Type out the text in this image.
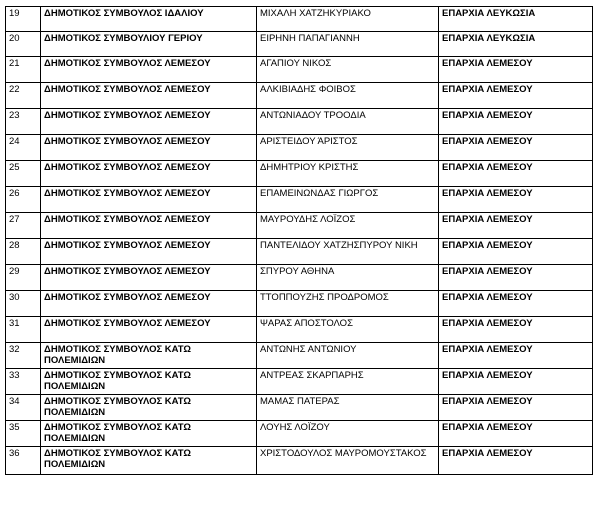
19	ΔΗΜΟΤΙΚΟΣ ΣΥΜΒΟΥΛΟΣ ΙΔΑΛΙΟΥ	ΜΙΧΑΛΗ ΧΑΤΖΗΚΥΡΙΑΚΟ	ΕΠΑΡΧΙΑ ΛΕΥΚΩΣΙΑ
20	ΔΗΜΟΤΙΚΟΣ ΣΥΜΒΟΥΛΙΟΥ ΓΕΡΙΟΥ	ΕΙΡΗΝΗ ΠΑΠΑΓΙΑΝΝΗ	ΕΠΑΡΧΙΑ ΛΕΥΚΩΣΙΑ
21	ΔΗΜΟΤΙΚΟΣ ΣΥΜΒΟΥΛΟΣ ΛΕΜΕΣΟΥ	ΑΓΑΠΙΟΥ ΝΙΚΟΣ	ΕΠΑΡΧΙΑ ΛΕΜΕΣΟΥ
22	ΔΗΜΟΤΙΚΟΣ ΣΥΜΒΟΥΛΟΣ ΛΕΜΕΣΟΥ	ΑΛΚΙΒΙΑΔΗΣ ΦΟΙΒΟΣ	ΕΠΑΡΧΙΑ ΛΕΜΕΣΟΥ
23	ΔΗΜΟΤΙΚΟΣ ΣΥΜΒΟΥΛΟΣ ΛΕΜΕΣΟΥ	ΑΝΤΩΝΙΑΔΟΥ ΤΡΟΟΔΙΑ	ΕΠΑΡΧΙΑ ΛΕΜΕΣΟΥ
24	ΔΗΜΟΤΙΚΟΣ ΣΥΜΒΟΥΛΟΣ ΛΕΜΕΣΟΥ	ΑΡΙΣΤΕΙΔΟΥ ΆΡΙΣΤΟΣ	ΕΠΑΡΧΙΑ ΛΕΜΕΣΟΥ
25	ΔΗΜΟΤΙΚΟΣ ΣΥΜΒΟΥΛΟΣ ΛΕΜΕΣΟΥ	ΔΗΜΗΤΡΙΟΥ ΚΡΙΣΤΗΣ	ΕΠΑΡΧΙΑ ΛΕΜΕΣΟΥ
26	ΔΗΜΟΤΙΚΟΣ ΣΥΜΒΟΥΛΟΣ ΛΕΜΕΣΟΥ	ΕΠΑΜΕΙΝΩΝΔΑΣ ΓΙΩΡΓΟΣ	ΕΠΑΡΧΙΑ ΛΕΜΕΣΟΥ
27	ΔΗΜΟΤΙΚΟΣ ΣΥΜΒΟΥΛΟΣ ΛΕΜΕΣΟΥ	ΜΑΥΡΟΥΔΗΣ ΛΟΪΖΟΣ	ΕΠΑΡΧΙΑ ΛΕΜΕΣΟΥ
28	ΔΗΜΟΤΙΚΟΣ ΣΥΜΒΟΥΛΟΣ ΛΕΜΕΣΟΥ	ΠΑΝΤΕΛΙΔΟΥ ΧΑΤΖΗΣΠΥΡΟΥ ΝΙΚΗ	ΕΠΑΡΧΙΑ ΛΕΜΕΣΟΥ
29	ΔΗΜΟΤΙΚΟΣ ΣΥΜΒΟΥΛΟΣ ΛΕΜΕΣΟΥ	ΣΠΥΡΟΥ ΑΘΗΝΑ	ΕΠΑΡΧΙΑ ΛΕΜΕΣΟΥ
30	ΔΗΜΟΤΙΚΟΣ ΣΥΜΒΟΥΛΟΣ ΛΕΜΕΣΟΥ	ΤΤΟΠΠΟΥΖΗΣ ΠΡΟΔΡΟΜΟΣ	ΕΠΑΡΧΙΑ ΛΕΜΕΣΟΥ
31	ΔΗΜΟΤΙΚΟΣ ΣΥΜΒΟΥΛΟΣ ΛΕΜΕΣΟΥ	ΨΑΡΑΣ ΑΠΟΣΤΟΛΟΣ	ΕΠΑΡΧΙΑ ΛΕΜΕΣΟΥ
32	ΔΗΜΟΤΙΚΟΣ ΣΥΜΒΟΥΛΟΣ ΚΑΤΩ ΠΟΛΕΜΙΔΙΩΝ	ΑΝΤΩΝΗΣ ΑΝΤΩΝΙΟΥ	ΕΠΑΡΧΙΑ ΛΕΜΕΣΟΥ
33	ΔΗΜΟΤΙΚΟΣ ΣΥΜΒΟΥΛΟΣ ΚΑΤΩ ΠΟΛΕΜΙΔΙΩΝ	ΑΝΤΡΕΑΣ ΣΚΑΡΠΑΡΗΣ	ΕΠΑΡΧΙΑ ΛΕΜΕΣΟΥ
34	ΔΗΜΟΤΙΚΟΣ ΣΥΜΒΟΥΛΟΣ ΚΑΤΩ ΠΟΛΕΜΙΔΙΩΝ	ΜΑΜΑΣ ΠΑΤΕΡΑΣ	ΕΠΑΡΧΙΑ ΛΕΜΕΣΟΥ
35	ΔΗΜΟΤΙΚΟΣ ΣΥΜΒΟΥΛΟΣ ΚΑΤΩ ΠΟΛΕΜΙΔΙΩΝ	ΛΟΥΗΣ ΛΟΪΖΟΥ	ΕΠΑΡΧΙΑ ΛΕΜΕΣΟΥ
36	ΔΗΜΟΤΙΚΟΣ ΣΥΜΒΟΥΛΟΣ ΚΑΤΩ ΠΟΛΕΜΙΔΙΩΝ	ΧΡΙΣΤΟΔΟΥΛΟΣ ΜΑΥΡΟΜΟΥΣΤΑΚΟΣ	ΕΠΑΡΧΙΑ ΛΕΜΕΣΟΥ
